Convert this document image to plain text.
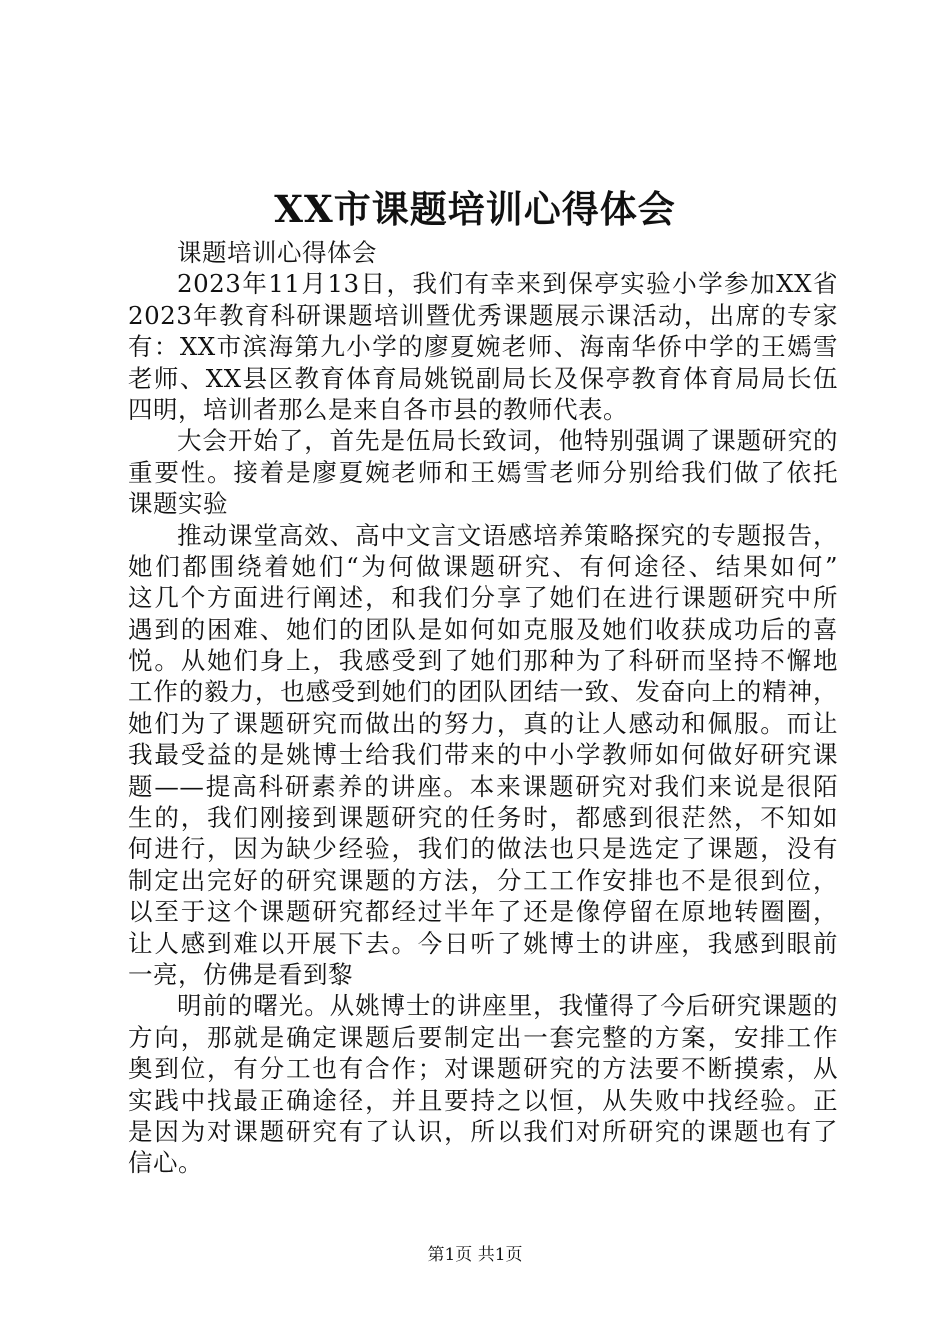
XX市课题培训心得体会
课题培训心得体会
2023年11月13日，我们有幸来到保亭实验小学参加XX省
2023年教育科研课题培训暨优秀课题展示课活动，出席的专家
有：XX市滨海第九小学的廖夏婉老师、海南华侨中学的王嫣雪
老师、XX县区教育体育局姚锐副局长及保亭教育体育局局长伍
四明，培训者那么是来自各市县的教师代表。
大会开始了，首先是伍局长致词，他特别强调了课题研究的
重要性。接着是廖夏婉老师和王嫣雪老师分别给我们做了依托
课题实验
推动课堂高效、高中文言文语感培养策略探究的专题报告，
她们都围绕着她们“为何做课题研究、有何途径、结果如何”
这几个方面进行阐述，和我们分享了她们在进行课题研究中所
遇到的困难、她们的团队是如何如克服及她们收获成功后的喜
悦。从她们身上，我感受到了她们那种为了科研而坚持不懈地
工作的毅力，也感受到她们的团队团结一致、发奋向上的精神，
她们为了课题研究而做出的努力，真的让人感动和佩服。而让
我最受益的是姚博士给我们带来的中小学教师如何做好研究课
题——提高科研素养的讲座。本来课题研究对我们来说是很陌
生的，我们刚接到课题研究的任务时，都感到很茫然，不知如
何进行，因为缺少经验，我们的做法也只是选定了课题，没有
制定出完好的研究课题的方法，分工工作安排也不是很到位，
以至于这个课题研究都经过半年了还是像停留在原地转圈圈，
让人感到难以开展下去。今日听了姚博士的讲座，我感到眼前
一亮，仿佛是看到黎
明前的曙光。从姚博士的讲座里，我懂得了今后研究课题的
方向，那就是确定课题后要制定出一套完整的方案，安排工作
奥到位，有分工也有合作；对课题研究的方法要不断摸索，从
实践中找最正确途径，并且要持之以恒，从失败中找经验。正
是因为对课题研究有了认识，所以我们对所研究的课题也有了
信心。
第1页 共1页
